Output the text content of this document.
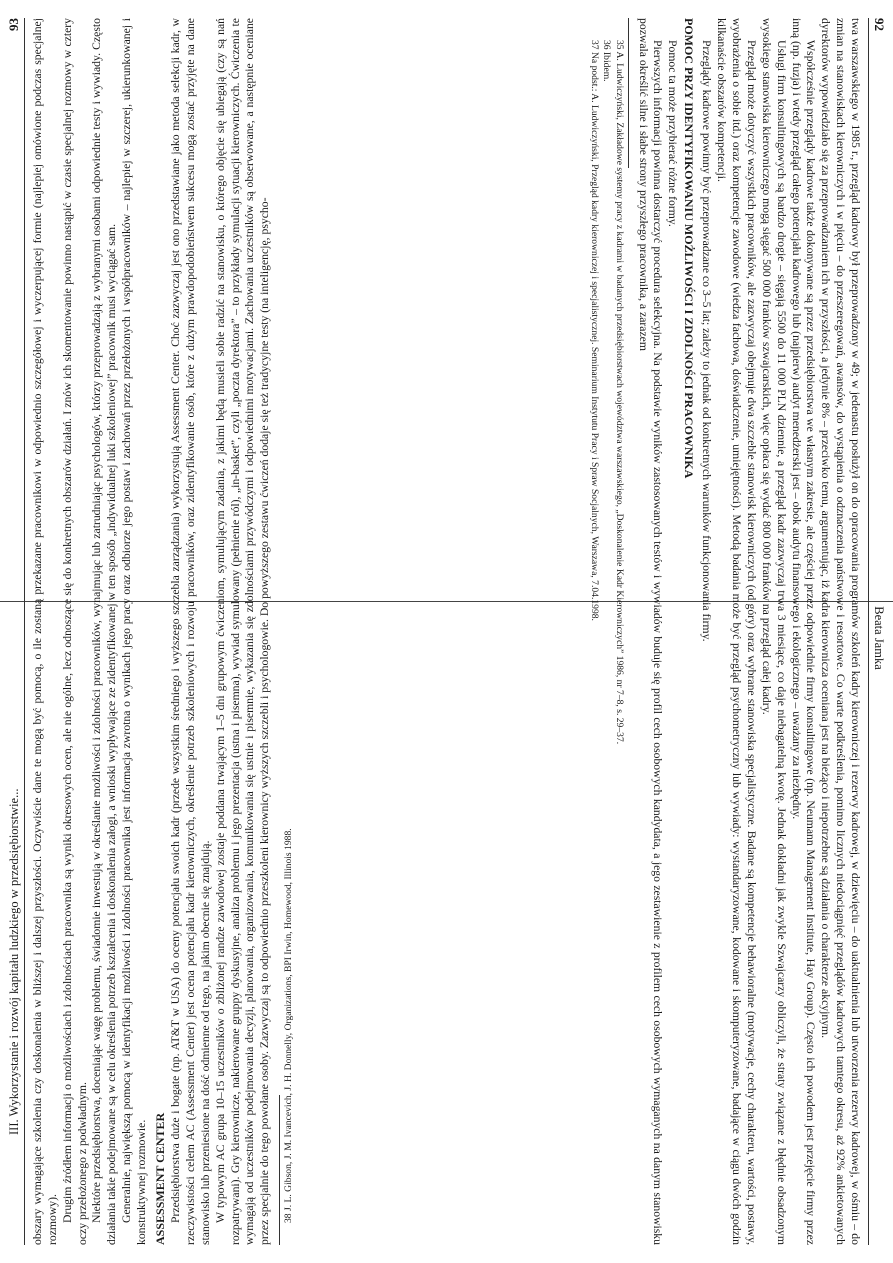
92
Beata Jamka

twa warszawskiego w 1985 r., przegląd kadrowy był przeprowadzony w 49; w jedenastu posłużył on do opracowania programów szkoleń kadry kierowniczej i rezerwy kadrowej, w dziewięciu – do uaktualnienia lub utworzenia rezerwy kadrowej, w ośmiu – do zmian na stanowiskach kierowniczych i w pięciu – do przeszeregowań, awansów, do wystąpienia o odznaczenia państwowe i resortowe. Co warte podkreślenia, pomimo licznych niedociągnięć przeglądów kadrowych tamtego okresu, aż 92% ankietowanych dyrektorów wypowiedziało się za przeprowadzaniem ich w przyszłości, a jedynie 8% – przeciwko temu, argumentując, iż kadra kierownicza oceniana jest na bieżąco i niepotrzebne są działania o charakterze akcyjnym.

Współcześnie przeglądy kadrowe także dokonywane są przez przedsiębiorstwa we własnym zakresie, ale częściej przez odpowiednie firmy konsultingowe (np. Neumann Management Institute, Hay Group). Często ich powodem jest przejęcie firmy przez inną (np. fuzja) i wtedy przegląd całego potencjału kadrowego lub (najpierw) audyt menedżerski jest – obok audytu finansowego i ekologicznego – uważany za niezbędny.

Usługi firm konsultingowych są bardzo drogie – sięgają 5500 do 11 000 PLN dziennie, a przegląd kadr zazwyczaj trwa 3 miesiące, co daje niebagatelną kwotę. Jednak dokładni jak zwykle Szwajcarzy obliczyli, że straty związane z błędnie obsadzonym wysokiego stanowiska kierowniczego mogą sięgać 500 000 franków szwajcarskich, więc opłaca się wydać 800 000 franków na przegląd całej kadry.

Przegląd może dotyczyć wszystkich pracowników, ale zazwyczaj obejmuje dwa szczeble stanowisk kierowniczych (od góry) oraz wybrane stanowiska specjalistyczne. Badane są kompetencje behawioralne (motywacje, cechy charakteru, wartości, postawy, wyobrażenia o sobie itd.) oraz kompetencje zawodowe (wiedza fachowa, doświadczenie, umiejętności). Metodą badania może być przegląd psychometryczny lub wywiady: wystandaryzowane, kodowane i skomputeryzowane, badające w ciągu dwóch godzin kilkanaście obszarów kompetencji.

Przeglądy kadrowe powinny być przeprowadzane co 3–5 lat; zależy to jednak od konkretnych warunków funkcjonowania firmy.

POMOC PRZY IDENTYFIKOWANIU MOŻLIWOŚCI I ZDOLNOŚCI PRACOWNIKA

Pomoc ta może przybierać różne formy.

Pierwszych informacji powinna dostarczyć procedura selekcyjna. Na podstawie wyników zastosowanych testów i wywiadów buduje się profil cech osobowych kandydata, a jego zestawienie z profilem cech osobowych wymaganych na danym stanowisku pozwala określić silne i słabe strony przyszłego pracownika, a zarazem

35 A. Ludwiczyński, Zakładowe systemy pracy z kadrami w badanych przedsiębiorstwach województwa warszawskiego, „Doskonalenie Kadr Kierowniczych” 1986, nr 7–8, s. 29–37.
36 Ibidem.
37 Na podst.: A. Ludwiczyński, Przegląd kadry kierowniczej i specjalistycznej. Seminarium Instytutu Pracy i Spraw Socjalnych, Warszawa, 7.04.1998.
III. Wykorzystanie i rozwój kapitału ludzkiego w przedsiębiorstwie...
93 obszary wymagające szkolenia czy doskonalenia w bliższej i dalszej przyszłości. Oczywiście dane te mogą być pomocą, o ile zostaną przekazane pracownikowi w odpowiednio szczegółowej i wyczerpującej formie (najlepiej omówione podczas specjalnej rozmowy). Drugim źródłem informacji o możliwościach i zdolnościach pracownika są wyniki okresowych ocen, ale nie ogólne, lecz odnoszące się do konkretnych obszarów działań. I znów ich skomentowanie powinno nastąpić w czasie specjalnej rozmowy w cztery oczy przełożonego z podwładnym. Niektóre przedsiębiorstwa, doceniając wagę problemu, świadomie inwestują w określanie możliwości i zdolności pracowników, wynajmując lub zatrudniając psychologów, którzy przeprowadzają z wybranymi osobami odpowiednie testy i wywiady. Często działania takie podejmowane są w celu określenia potrzeb kształcenia i doskonalenia załogi, a wnioski wypływające ze zidentyfikowanej w ten sposób „indywidualnej luki szkoleniowej” pracownik musi wyciągać sam. Generalnie, największą pomocą w identyfikacji możliwości i zdolności pracownika jest informacja zwrotna o wynikach jego pracy oraz odbiorze jego postaw i zachowań przez przełożonych i współpracowników – najlepiej w szczerej, ukierunkowanej i konstruktywnej rozmowie. ASSESSMENT CENTER Przedsiębiorstwa duże i bogate (np. AT&T w USA) do oceny potencjału swoich kadr (przede wszystkim średniego i wyższego szczebla zarządzania) wykorzystują Assessment Center. Choć zazwyczaj jest ono przedstawiane jako metoda selekcji kadr, w rzeczywistości celem AC (Assessment Center) jest ocena potencjału kadr kierowniczych, określenie potrzeb szkoleniowych i rozwoju pracowników, oraz zidentyfikowanie osób, które z dużym prawdopodobieństwem sukcesu mogą zostać przyjęte na dane stanowisko lub przeniesione na dość odmienne od tego, na jakim obecnie się znajdują. W typowym AC grupa 10–15 uczestników o zbliżonej randze zawodowej zostaje poddana trwającym 1–5 dni grupowym ćwiczeniom, symulującym zadania, z jakimi będą musieli sobie radzić na stanowisku, o którego objęcie się ubiegają (czy są nań rozpatrywani). Gry kierownicze, nakierowane gruppy dyskusyjne, analiza problemu i jego prezentacja (ustna i pisemna), wywiad symulowany (pełnienie ról), „in-basket”, czyli „poczta dyrektora” – to przykłady symulacji sytuacji kierowniczych. Ćwiczenia te wymagają od uczestników podejmowania decyzji, planowania, organizowania, komunikowania się ustnie i pisemnie, wykazania się zdolnościami przywódczymi i odpowiednimi motywacjami. Zachowania uczestników są obserwowane, a następnie oceniane przez specjalnie do tego powołane osoby. Zazwyczaj są to odpowiednio przeszkoleni kierownicy wyższych szczebli i psychologowie. Do powyższego zestawu ćwiczeń dodaje się też tradycyjne testy (na inteligencję, psycho- 38 J. L. Gibson, J. M. Ivancevich, J. H. Donnelly, Organizations, BPI Irwin, Homewood, Illinois 1988.
